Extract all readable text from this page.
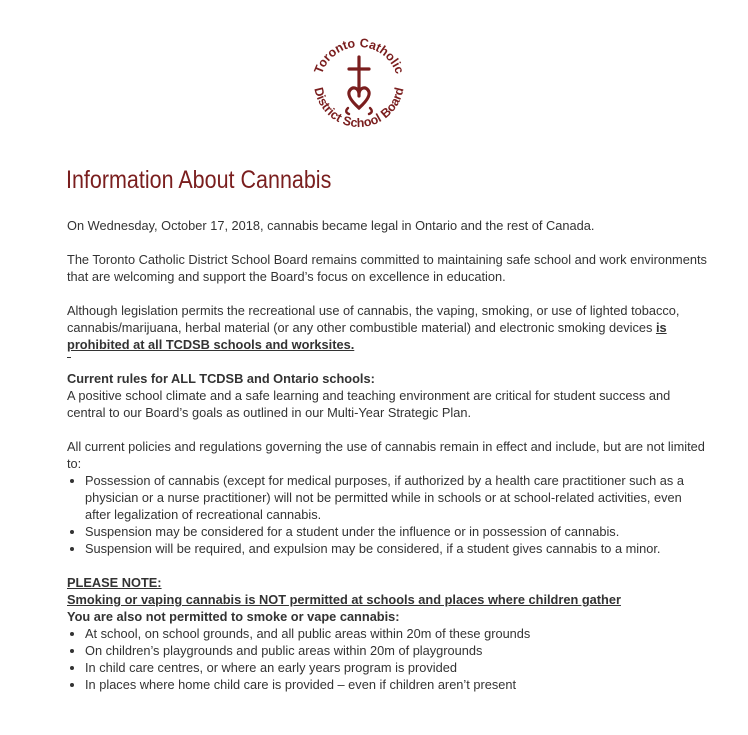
Toronto Catholic
District School Board
Information About Cannabis

On Wednesday, October 17, 2018, cannabis became legal in Ontario and the rest of Canada.

The Toronto Catholic District School Board remains committed to maintaining safe school and work environments that are welcoming and support the Board’s focus on excellence in education.

Although legislation permits the recreational use of cannabis, the vaping, smoking, or use of lighted tobacco, cannabis/marijuana, herbal material (or any other combustible material) and electronic smoking devices is prohibited at all TCDSB schools and worksites.

Current rules for ALL TCDSB and Ontario schools:

A positive school climate and a safe learning and teaching environment are critical for student success and central to our Board’s goals as outlined in our Multi-Year Strategic Plan.

All current policies and regulations governing the use of cannabis remain in effect and include, but are not limited to:

• Possession of cannabis (except for medical purposes, if authorized by a health care practitioner such as a physician or a nurse practitioner) will not be permitted while in schools or at school-related activities, even after legalization of recreational cannabis.
• Suspension may be considered for a student under the influence or in possession of cannabis.
• Suspension will be required, and expulsion may be considered, if a student gives cannabis to a minor.

PLEASE NOTE:

Smoking or vaping cannabis is NOT permitted at schools and places where children gather

You are also not permitted to smoke or vape cannabis:

• At school, on school grounds, and all public areas within 20m of these grounds
• On children’s playgrounds and public areas within 20m of playgrounds
• In child care centres, or where an early years program is provided
• In places where home child care is provided – even if children aren’t present
